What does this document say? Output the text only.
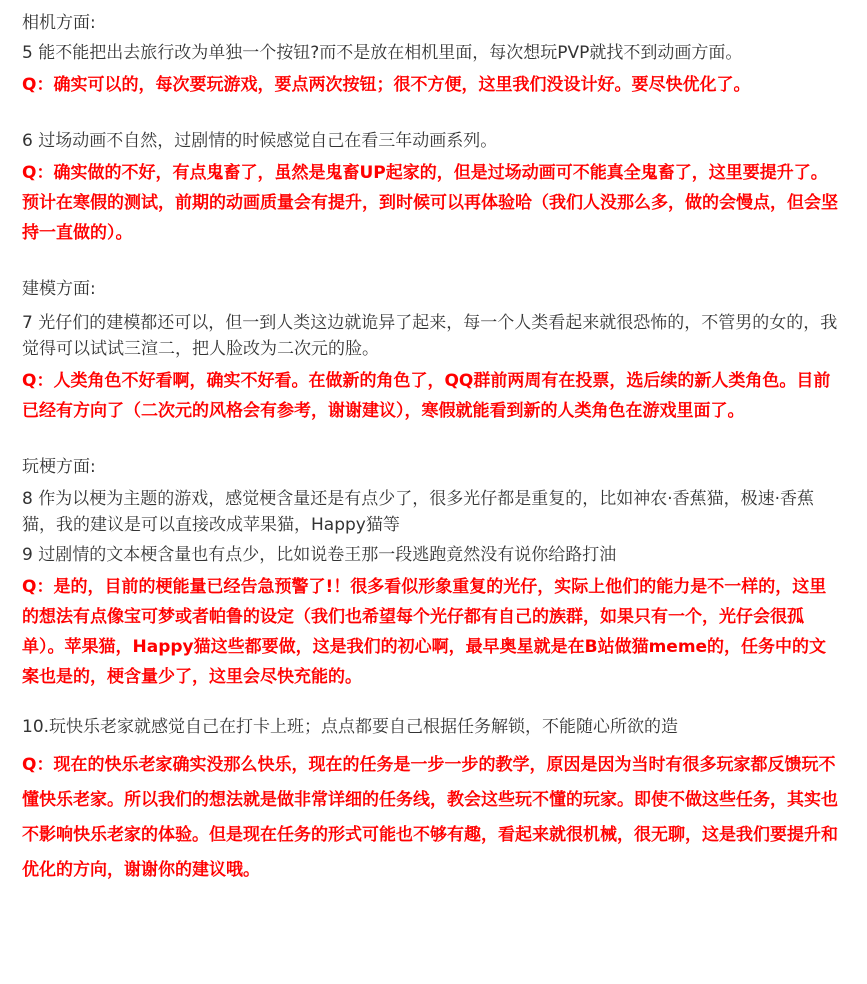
相机方面:

5 能不能把出去旅行改为单独一个按钮?而不是放在相机里面，每次想玩PVP就找不到动画方面。

Q：确实可以的，每次要玩游戏，要点两次按钮；很不方便，这里我们没设计好。要尽快优化了。

6 过场动画不自然，过剧情的时候感觉自己在看三年动画系列。

Q：确实做的不好，有点鬼畜了，虽然是鬼畜UP起家的，但是过场动画可不能真全鬼畜了，这里要提升了。预计在寒假的测试，前期的动画质量会有提升，到时候可以再体验哈（我们人没那么多，做的会慢点，但会坚持一直做的）。

建模方面:

7 光仔们的建模都还可以，但一到人类这边就诡异了起来，每一个人类看起来就很恐怖的，不管男的女的，我觉得可以试试三渲二，把人脸改为二次元的脸。

Q：人类角色不好看啊，确实不好看。在做新的角色了，QQ群前两周有在投票，选后续的新人类角色。目前已经有方向了（二次元的风格会有参考，谢谢建议），寒假就能看到新的人类角色在游戏里面了。

玩梗方面:

8 作为以梗为主题的游戏，感觉梗含量还是有点少了，很多光仔都是重复的，比如神农·香蕉猫，极速·香蕉猫，我的建议是可以直接改成苹果猫，Happy猫等

9 过剧情的文本梗含量也有点少，比如说卷王那一段逃跑竟然没有说你给路打油

Q：是的，目前的梗能量已经告急预警了!！很多看似形象重复的光仔，实际上他们的能力是不一样的，这里的想法有点像宝可梦或者帕鲁的设定（我们也希望每个光仔都有自己的族群，如果只有一个，光仔会很孤单）。苹果猫，Happy猫这些都要做，这是我们的初心啊，最早奥星就是在B站做猫meme的，任务中的文案也是的，梗含量少了，这里会尽快充能的。

10.玩快乐老家就感觉自己在打卡上班；点点都要自己根据任务解锁，不能随心所欲的造

Q：现在的快乐老家确实没那么快乐，现在的任务是一步一步的教学，原因是因为当时有很多玩家都反馈玩不懂快乐老家。所以我们的想法就是做非常详细的任务线，教会这些玩不懂的玩家。即使不做这些任务，其实也不影响快乐老家的体验。但是现在任务的形式可能也不够有趣，看起来就很机械，很无聊，这是我们要提升和优化的方向，谢谢你的建议哦。
